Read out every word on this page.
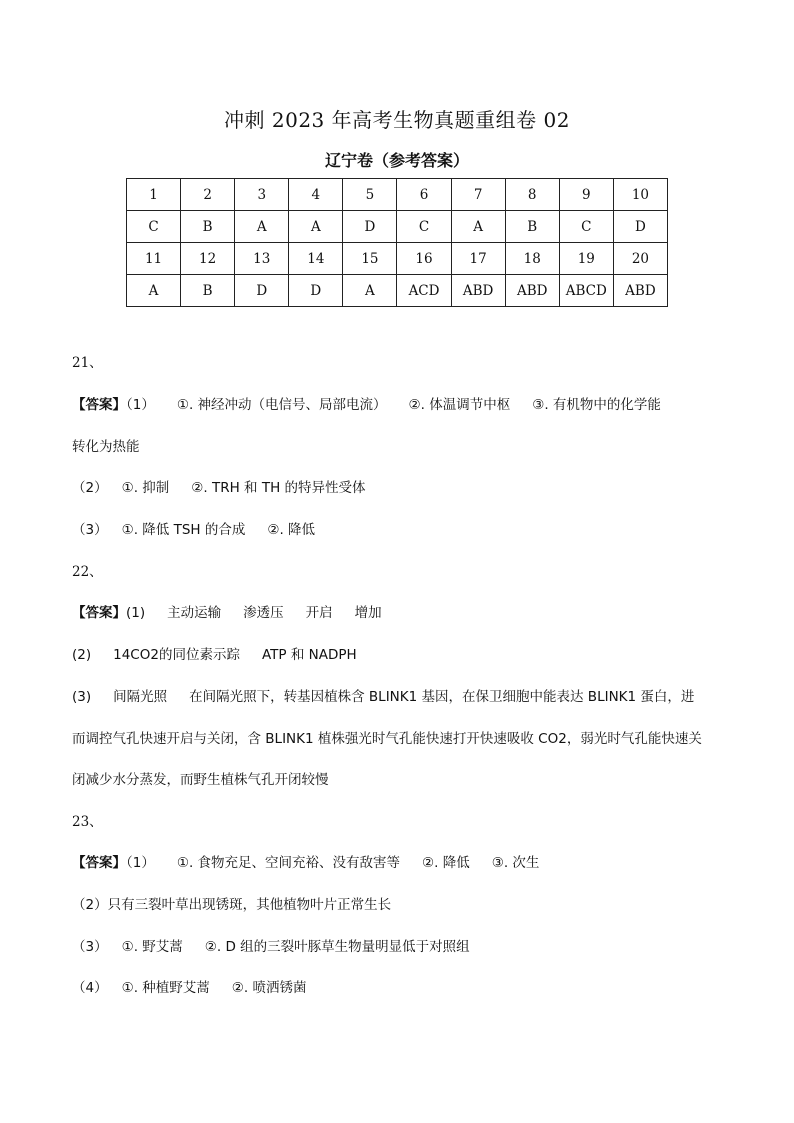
冲刺 2023 年高考生物真题重组卷 02
辽宁卷（参考答案）
1	2	3	4	5	6	7	8	9	10
C	B	A	A	D	C	A	B	C	D
11	12	13	14	15	16	17	18	19	20
A	B	D	D	A	ACD	ABD	ABD	ABCD	ABD
21、
【答案】（1） ①. 神经冲动（电信号、局部电流） ②. 体温调节中枢 ③. 有机物中的化学能
转化为热能
（2） ①. 抑制 ②. TRH 和 TH 的特异性受体
（3） ①. 降低 TSH 的合成 ②. 降低
22、
【答案】(1) 主动运输 渗透压 开启 增加
(2) 14CO2的同位素示踪 ATP 和 NADPH
(3) 间隔光照 在间隔光照下，转基因植株含 BLINK1 基因，在保卫细胞中能表达 BLINK1 蛋白，进
而调控气孔快速开启与关闭，含 BLINK1 植株强光时气孔能快速打开快速吸收 CO2，弱光时气孔能快速关
闭减少水分蒸发，而野生植株气孔开闭较慢
23、
【答案】（1） ①. 食物充足、空间充裕、没有敌害等 ②. 降低 ③. 次生
（2）只有三裂叶草出现锈斑，其他植物叶片正常生长
（3） ①. 野艾蒿 ②. D 组的三裂叶豚草生物量明显低于对照组
（4） ①. 种植野艾蒿 ②. 喷洒锈菌
